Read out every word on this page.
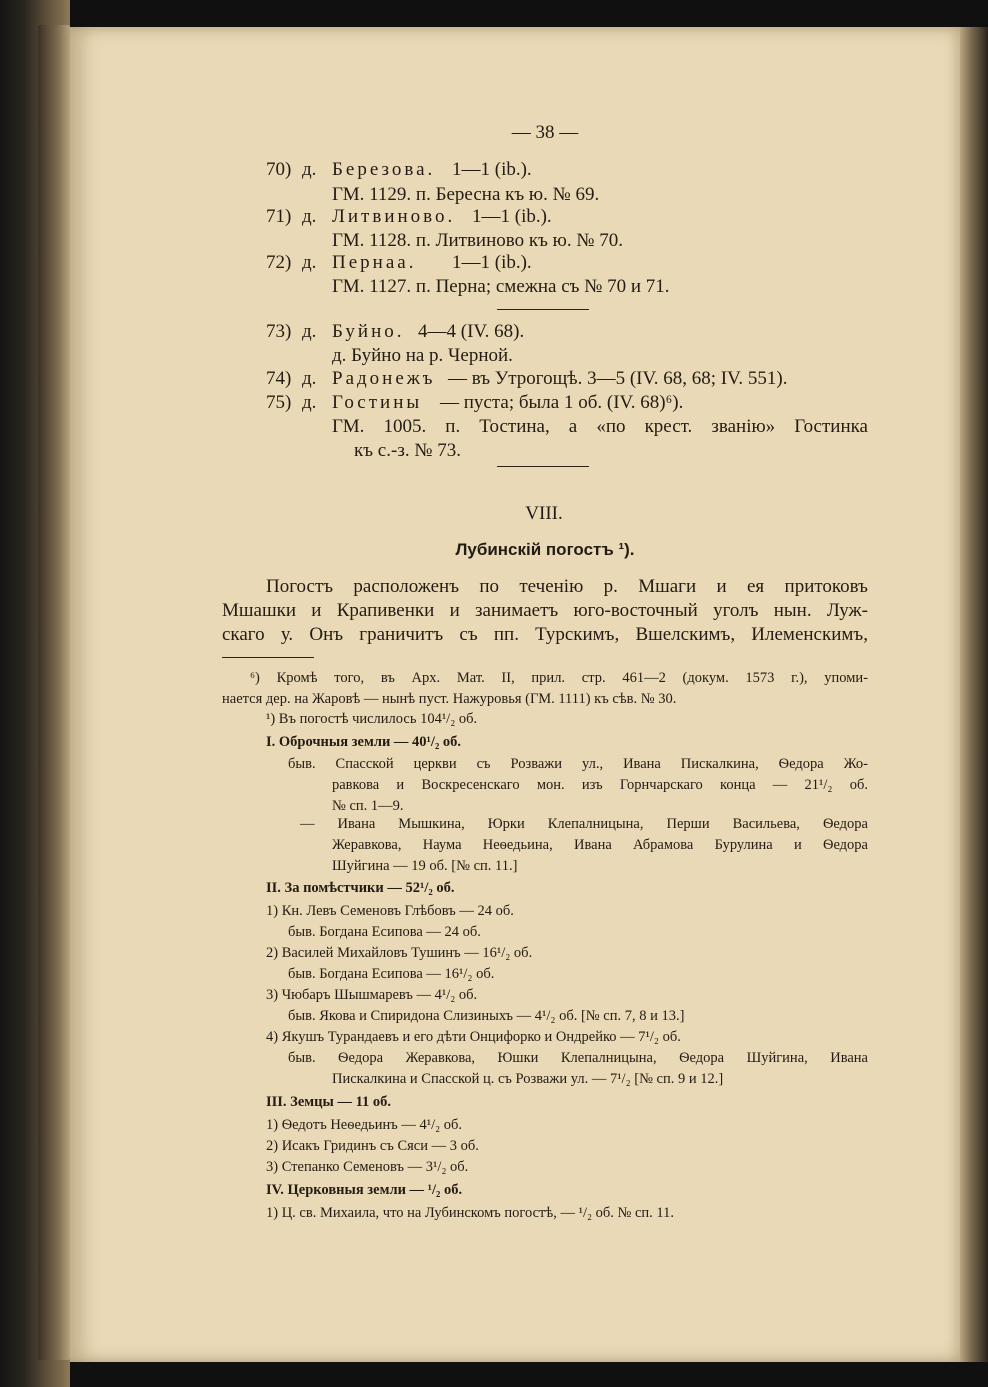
— 38 —
70) д. Березова. 1—1 (ib.).
ГМ. 1129. п. Бересна къ ю. № 69.
71) д. Литвиново. 1—1 (ib.).
ГМ. 1128. п. Литвиново къ ю. № 70.
72) д. Пернаа. 1—1 (ib.).
ГМ. 1127. п. Перна; смежна съ № 70 и 71.
73) д. Буйно. 4—4 (IV. 68).
д. Буйно на р. Черной.
74) д. Радонежъ — въ Утрогощѣ. 3—5 (IV. 68, 68; IV. 551).
75) д. Гостины — пуста; была 1 об. (IV. 68)⁶).
ГМ. 1005. п. Тостина, а «по крест. званію» Гостинка
къ с.-з. № 73.
VIII.
Лубинскій погостъ ¹).
Погостъ расположенъ по теченію р. Мшаги и ея притоковъ
Мшашки и Крапивенки и занимаетъ юго-восточный уголъ нын. Луж-
скаго у. Онъ граничитъ съ пп. Турскимъ, Вшелскимъ, Илеменскимъ,
⁶) Кромѣ того, въ Арх. Мат. II, прил. стр. 461—2 (докум. 1573 г.), упоми-
нается дер. на Жаровѣ — нынѣ пуст. Нажуровья (ГМ. 1111) къ сѣв. № 30.
¹) Въ погостѣ числилось 104¹/₂ об.
I. Оброчныя земли — 40¹/₂ об.
быв. Спасской церкви съ Розважи ул., Ивана Пискалкина, Ѳедора Жо-
равкова и Воскресенскаго мон. изъ Горнчарскаго конца — 21¹/₂ об.
№ сп. 1—9.
— Ивана Мышкина, Юрки Клепалницына, Перши Васильева, Ѳедора
Жеравкова, Наума Неѳедьина, Ивана Абрамова Бурулина и Ѳедора
Шуйгина — 19 об. [№ сп. 11.]
II. За помѣстчики — 52¹/₂ об.
1) Кн. Левъ Семеновъ Глѣбовъ — 24 об.
быв. Богдана Есипова — 24 об.
2) Василей Михайловъ Тушинъ — 16¹/₂ об.
быв. Богдана Есипова — 16¹/₂ об.
3) Чюбаръ Шышмаревъ — 4¹/₂ об.
быв. Якова и Спиридона Слизиныхъ — 4¹/₂ об. [№ сп. 7, 8 и 13.]
4) Якушъ Турандаевъ и его дѣти Онцифорко и Ондрейко — 7¹/₂ об.
быв. Ѳедора Жеравкова, Юшки Клепалницына, Ѳедора Шуйгина, Ивана
Пискалкина и Спасской ц. съ Розважи ул. — 7¹/₂ [№ сп. 9 и 12.]
III. Земцы — 11 об.
1) Ѳедотъ Неѳедьинъ — 4¹/₂ об.
2) Исакъ Гридинъ съ Сяси — 3 об.
3) Степанко Семеновъ — 3¹/₂ об.
IV. Церковныя земли — ¹/₂ об.
1) Ц. св. Михаила, что на Лубинскомъ погостѣ, — ¹/₂ об. № сп. 11.
